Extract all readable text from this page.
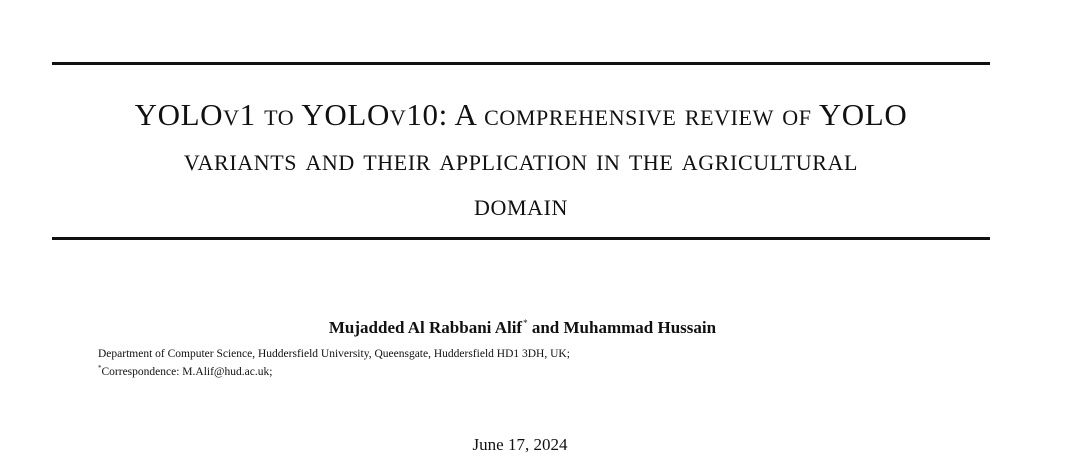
YOLOv1 to YOLOv10: A comprehensive review of YOLO
variants and their application in the agricultural
domain
Mujadded Al Rabbani Alif* and Muhammad Hussain
Department of Computer Science, Huddersfield University, Queensgate, Huddersfield HD1 3DH, UK;
*Correspondence: M.Alif@hud.ac.uk;
June 17, 2024
